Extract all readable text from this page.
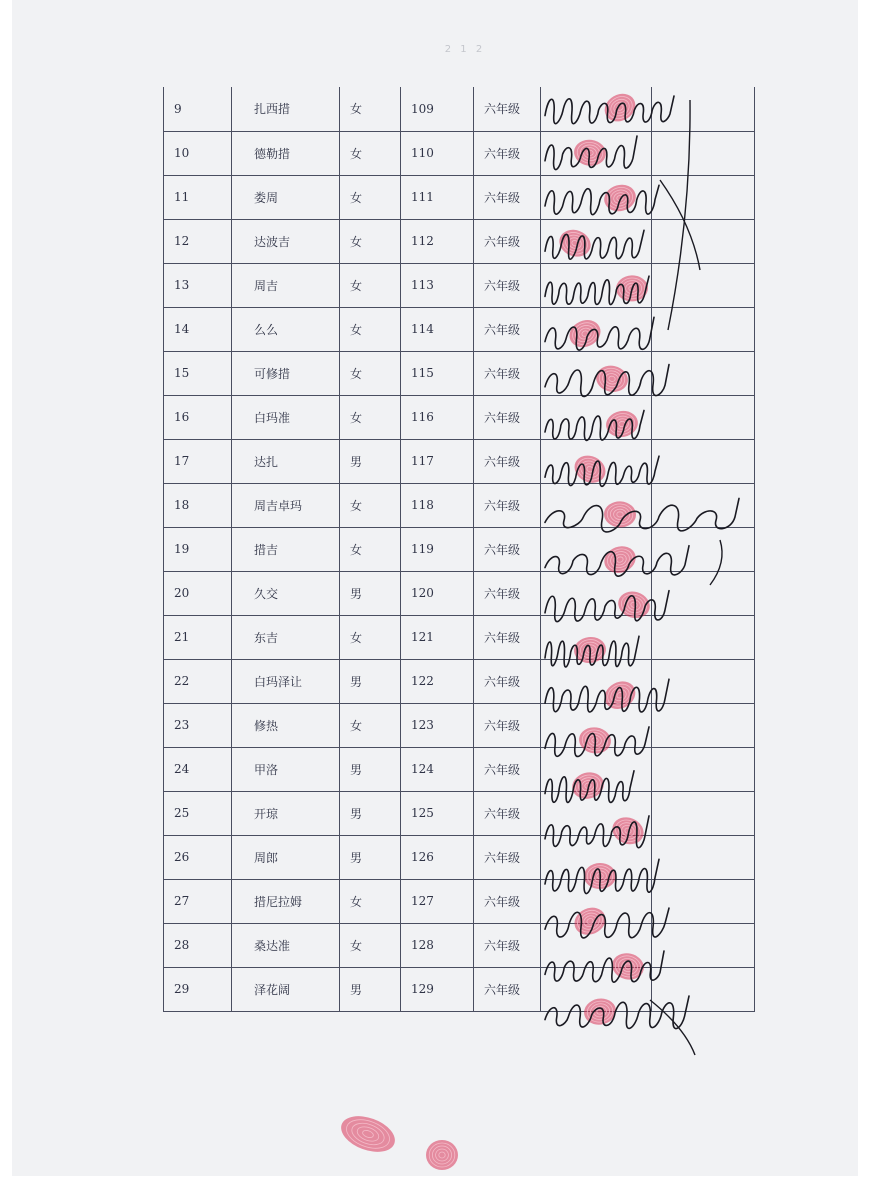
2 1 2
9	扎西措	女	109	六年级		
10	德勒措	女	110	六年级		
11	娄周	女	111	六年级		
12	达波吉	女	112	六年级		
13	周吉	女	113	六年级		
14	么么	女	114	六年级		
15	可修措	女	115	六年级		
16	白玛准	女	116	六年级		
17	达扎	男	117	六年级		
18	周吉卓玛	女	118	六年级		
19	措吉	女	119	六年级		
20	久交	男	120	六年级		
21	东吉	女	121	六年级		
22	白玛泽让	男	122	六年级		
23	修热	女	123	六年级		
24	甲洛	男	124	六年级		
25	开琼	男	125	六年级		
26	周郎	男	126	六年级		
27	措尼拉姆	女	127	六年级		
28	桑达准	女	128	六年级		
29	泽花阔	男	129	六年级		
